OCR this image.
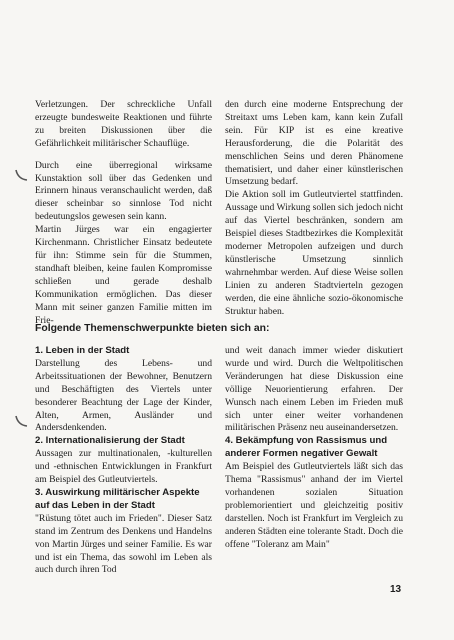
Verletzungen. Der schreckliche Unfall erzeugte bundesweite Reaktionen und führte zu breiten Diskussionen über die Gefährlichkeit militärischer Schauflüge.

Durch eine überregional wirksame Kunstaktion soll über das Gedenken und Erinnern hinaus veranschaulicht werden, daß dieser scheinbar so sinnlose Tod nicht bedeutungslos gewesen sein kann.

Martin Jürges war ein engagierter Kirchenmann. Christlicher Einsatz bedeutete für ihn: Stimme sein für die Stummen, standhaft bleiben, keine faulen Kompromisse schließen und gerade deshalb Kommunikation ermöglichen. Das dieser Mann mit seiner ganzen Familie mitten im Frie-

den durch eine moderne Entsprechung der Streitaxt ums Leben kam, kann kein Zufall sein. Für KIP ist es eine kreative Herausforderung, die die Polarität des menschlichen Seins und deren Phänomene thematisiert, und daher einer künstlerischen Umsetzung bedarf.

Die Aktion soll im Gutleutviertel stattfinden. Aussage und Wirkung sollen sich jedoch nicht auf das Viertel beschränken, sondern am Beispiel dieses Stadtbezirkes die Komplexität moderner Metropolen aufzeigen und durch künstlerische Umsetzung sinnlich wahrnehmbar werden. Auf diese Weise sollen Linien zu anderen Stadtvierteln gezogen werden, die eine ähnliche sozio-ökonomische Struktur haben.

Folgende Themenschwerpunkte bieten sich an:
1. Leben in der Stadt

Darstellung des Lebens- und Arbeitssituationen der Bewohner, Benutzern und Beschäftigten des Viertels unter besonderer Beachtung der Lage der Kinder, Alten, Armen, Ausländer und Andersdenkenden.

2. Internationalisierung der Stadt

Aussagen zur multinationalen, -kulturellen und -ethnischen Entwicklungen in Frankfurt am Beispiel des Gutleutviertels.

3. Auswirkung militärischer Aspekte auf das Leben in der Stadt

"Rüstung tötet auch im Frieden". Dieser Satz stand im Zentrum des Denkens und Handelns von Martin Jürges und seiner Familie. Es war und ist ein Thema, das sowohl im Leben als auch durch ihren Tod

und weit danach immer wieder diskutiert wurde und wird. Durch die Weltpolitischen Veränderungen hat diese Diskussion eine völlige Neuorientierung erfahren. Der Wunsch nach einem Leben im Frieden muß sich unter einer weiter vorhandenen militärischen Präsenz neu auseinandersetzen.

4. Bekämpfung von Rassismus und anderer Formen negativer Gewalt

Am Beispiel des Gutleutviertels läßt sich das Thema "Rassismus" anhand der im Viertel vorhandenen sozialen Situation problemorientiert und gleichzeitig positiv darstellen. Noch ist Frankfurt im Vergleich zu anderen Städten eine tolerante Stadt. Doch die offene "Toleranz am Main"

13
